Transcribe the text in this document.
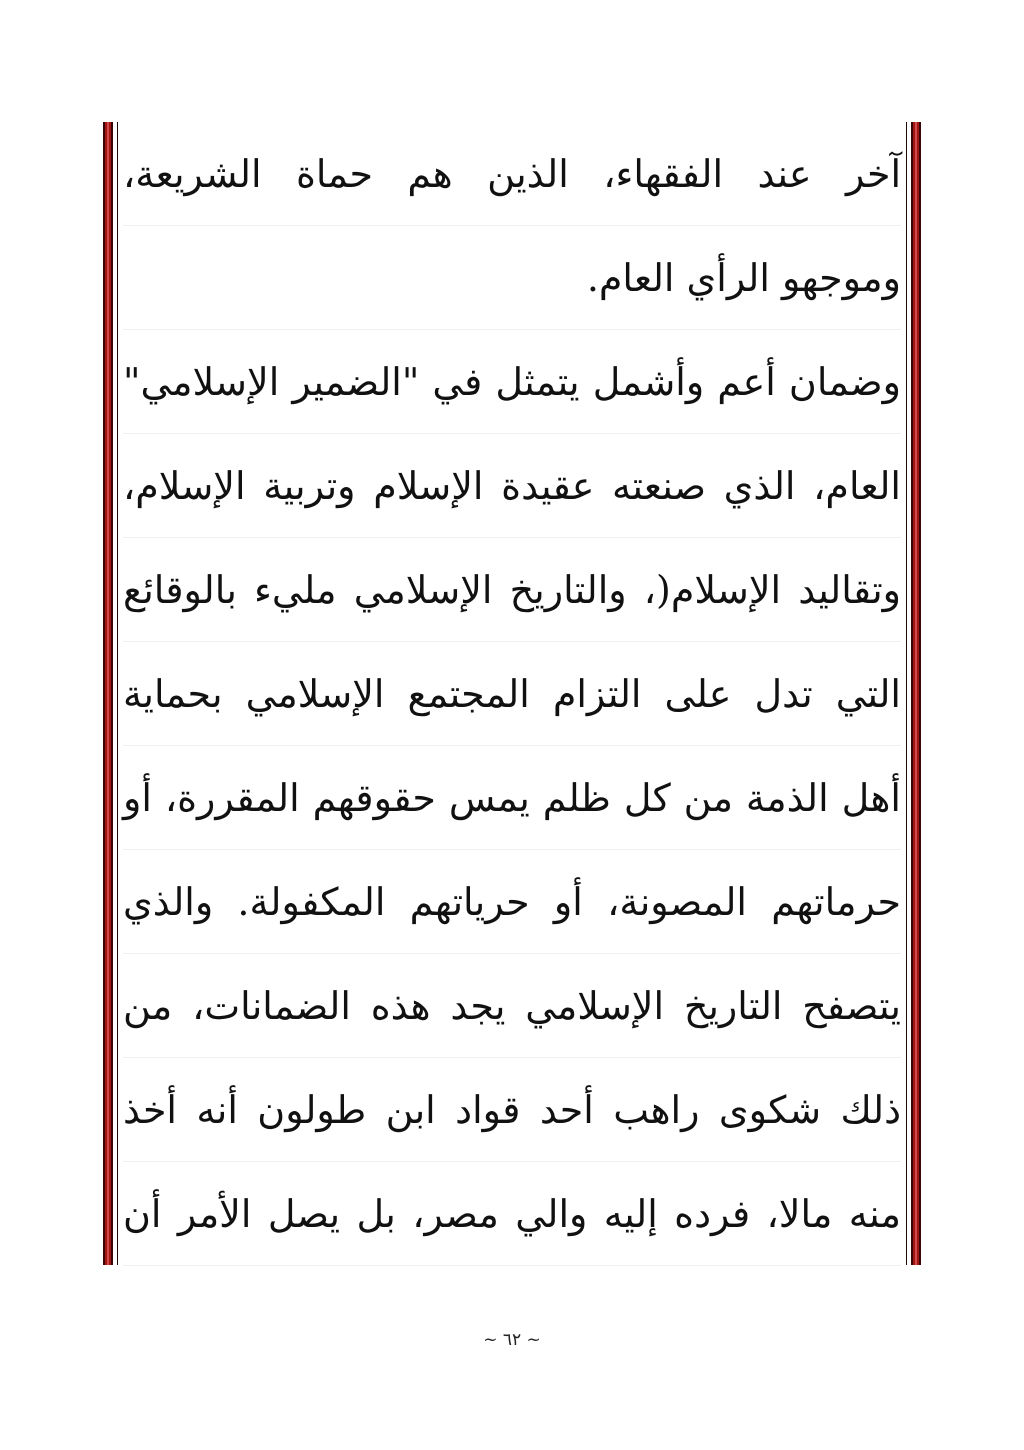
آخر عند الفقهاء، الذين هم حماة الشريعة،
وموجهو الرأي العام.
وضمان أعم وأشمل يتمثل في "الضمير الإسلامي"
العام، الذي صنعته عقيدة الإسلام وتربية الإسلام،
وتقاليد الإسلام(، والتاريخ الإسلامي مليء بالوقائع
التي تدل على التزام المجتمع الإسلامي بحماية
أهل الذمة من كل ظلم يمس حقوقهم المقررة، أو
حرماتهم المصونة، أو حرياتهم المكفولة. والذي
يتصفح التاريخ الإسلامي يجد هذه الضمانات، من
ذلك شكوى راهب أحد قواد ابن طولون أنه أخذ
منه مالا، فرده إليه والي مصر، بل يصل الأمر أن
~ ٦٢ ~
